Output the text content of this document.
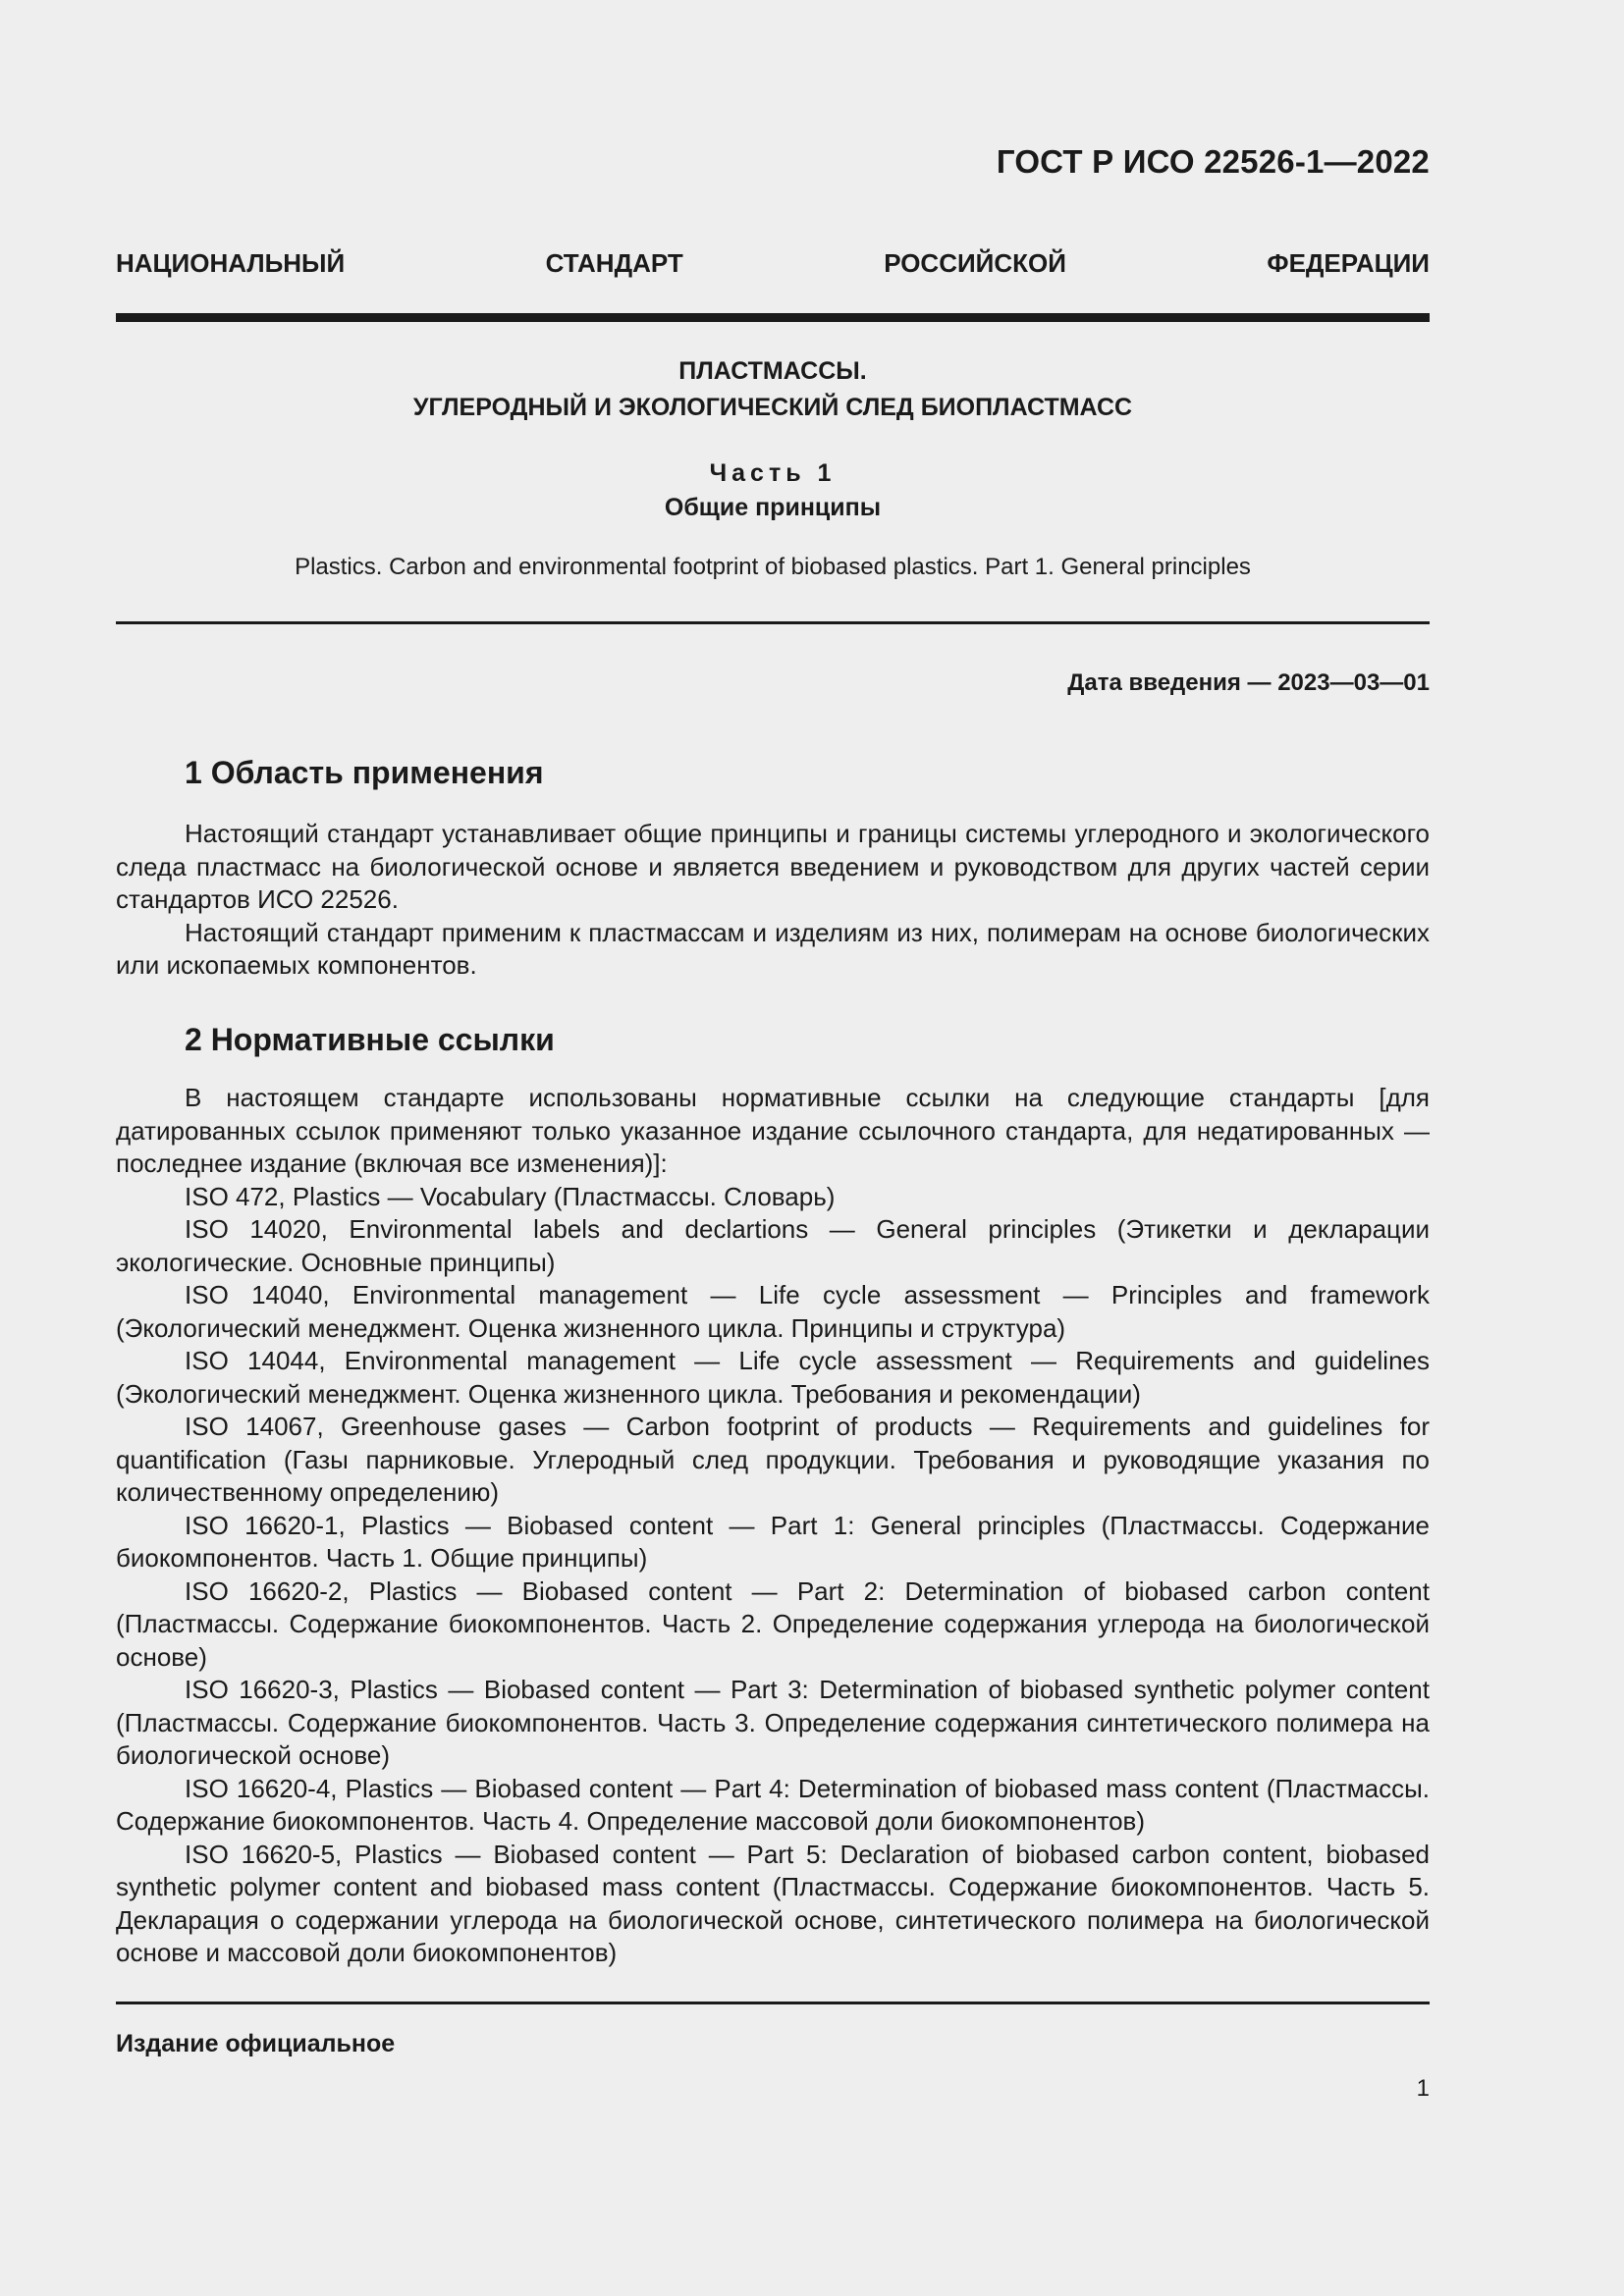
ГОСТ Р ИСО 22526-1—2022
НАЦИОНАЛЬНЫЙ	СТАНДАРТ	РОССИЙСКОЙ	ФЕДЕРАЦИИ
ПЛАСТМАССЫ.
УГЛЕРОДНЫЙ И ЭКОЛОГИЧЕСКИЙ СЛЕД БИОПЛАСТМАСС
Часть 1
Общие принципы
Plastics. Carbon and environmental footprint of biobased plastics. Part 1. General principles
Дата введения — 2023—03—01
1 Область применения

Настоящий стандарт устанавливает общие принципы и границы системы углеродного и экологического следа пластмасс на биологической основе и является введением и руководством для других частей серии стандартов ИСО 22526.

Настоящий стандарт применим к пластмассам и изделиям из них, полимерам на основе биологических или ископаемых компонентов.

2 Нормативные ссылки

В настоящем стандарте использованы нормативные ссылки на следующие стандарты [для датированных ссылок применяют только указанное издание ссылочного стандарта, для недатированных — последнее издание (включая все изменения)]:

ISO 472, Plastics — Vocabulary (Пластмассы. Словарь)

ISO 14020, Environmental labels and declartions — General principles (Этикетки и декларации экологические. Основные принципы)

ISO 14040, Environmental management — Life cycle assessment — Principles and framework (Экологический менеджмент. Оценка жизненного цикла. Принципы и структура)

ISO 14044, Environmental management — Life cycle assessment — Requirements and guidelines (Экологический менеджмент. Оценка жизненного цикла. Требования и рекомендации)

ISO 14067, Greenhouse gases — Carbon footprint of products — Requirements and guidelines for quantification (Газы парниковые. Углеродный след продукции. Требования и руководящие указания по количественному определению)

ISO 16620-1, Plastics — Biobased content — Part 1: General principles (Пластмассы. Содержание биокомпонентов. Часть 1. Общие принципы)

ISO 16620-2, Plastics — Biobased content — Part 2: Determination of biobased carbon content (Пластмассы. Содержание биокомпонентов. Часть 2. Определение содержания углерода на биологической основе)

ISO 16620-3, Plastics — Biobased content — Part 3: Determination of biobased synthetic polymer content (Пластмассы. Содержание биокомпонентов. Часть 3. Определение содержания синтетического полимера на биологической основе)

ISO 16620-4, Plastics — Biobased content — Part 4: Determination of biobased mass content (Пластмассы. Содержание биокомпонентов. Часть 4. Определение массовой доли биокомпонентов)

ISO 16620-5, Plastics — Biobased content — Part 5: Declaration of biobased carbon content, biobased synthetic polymer content and biobased mass content (Пластмассы. Содержание биокомпонентов. Часть 5. Декларация о содержании углерода на биологической основе, синтетического полимера на биологической основе и массовой доли биокомпонентов)

Издание официальное
1
